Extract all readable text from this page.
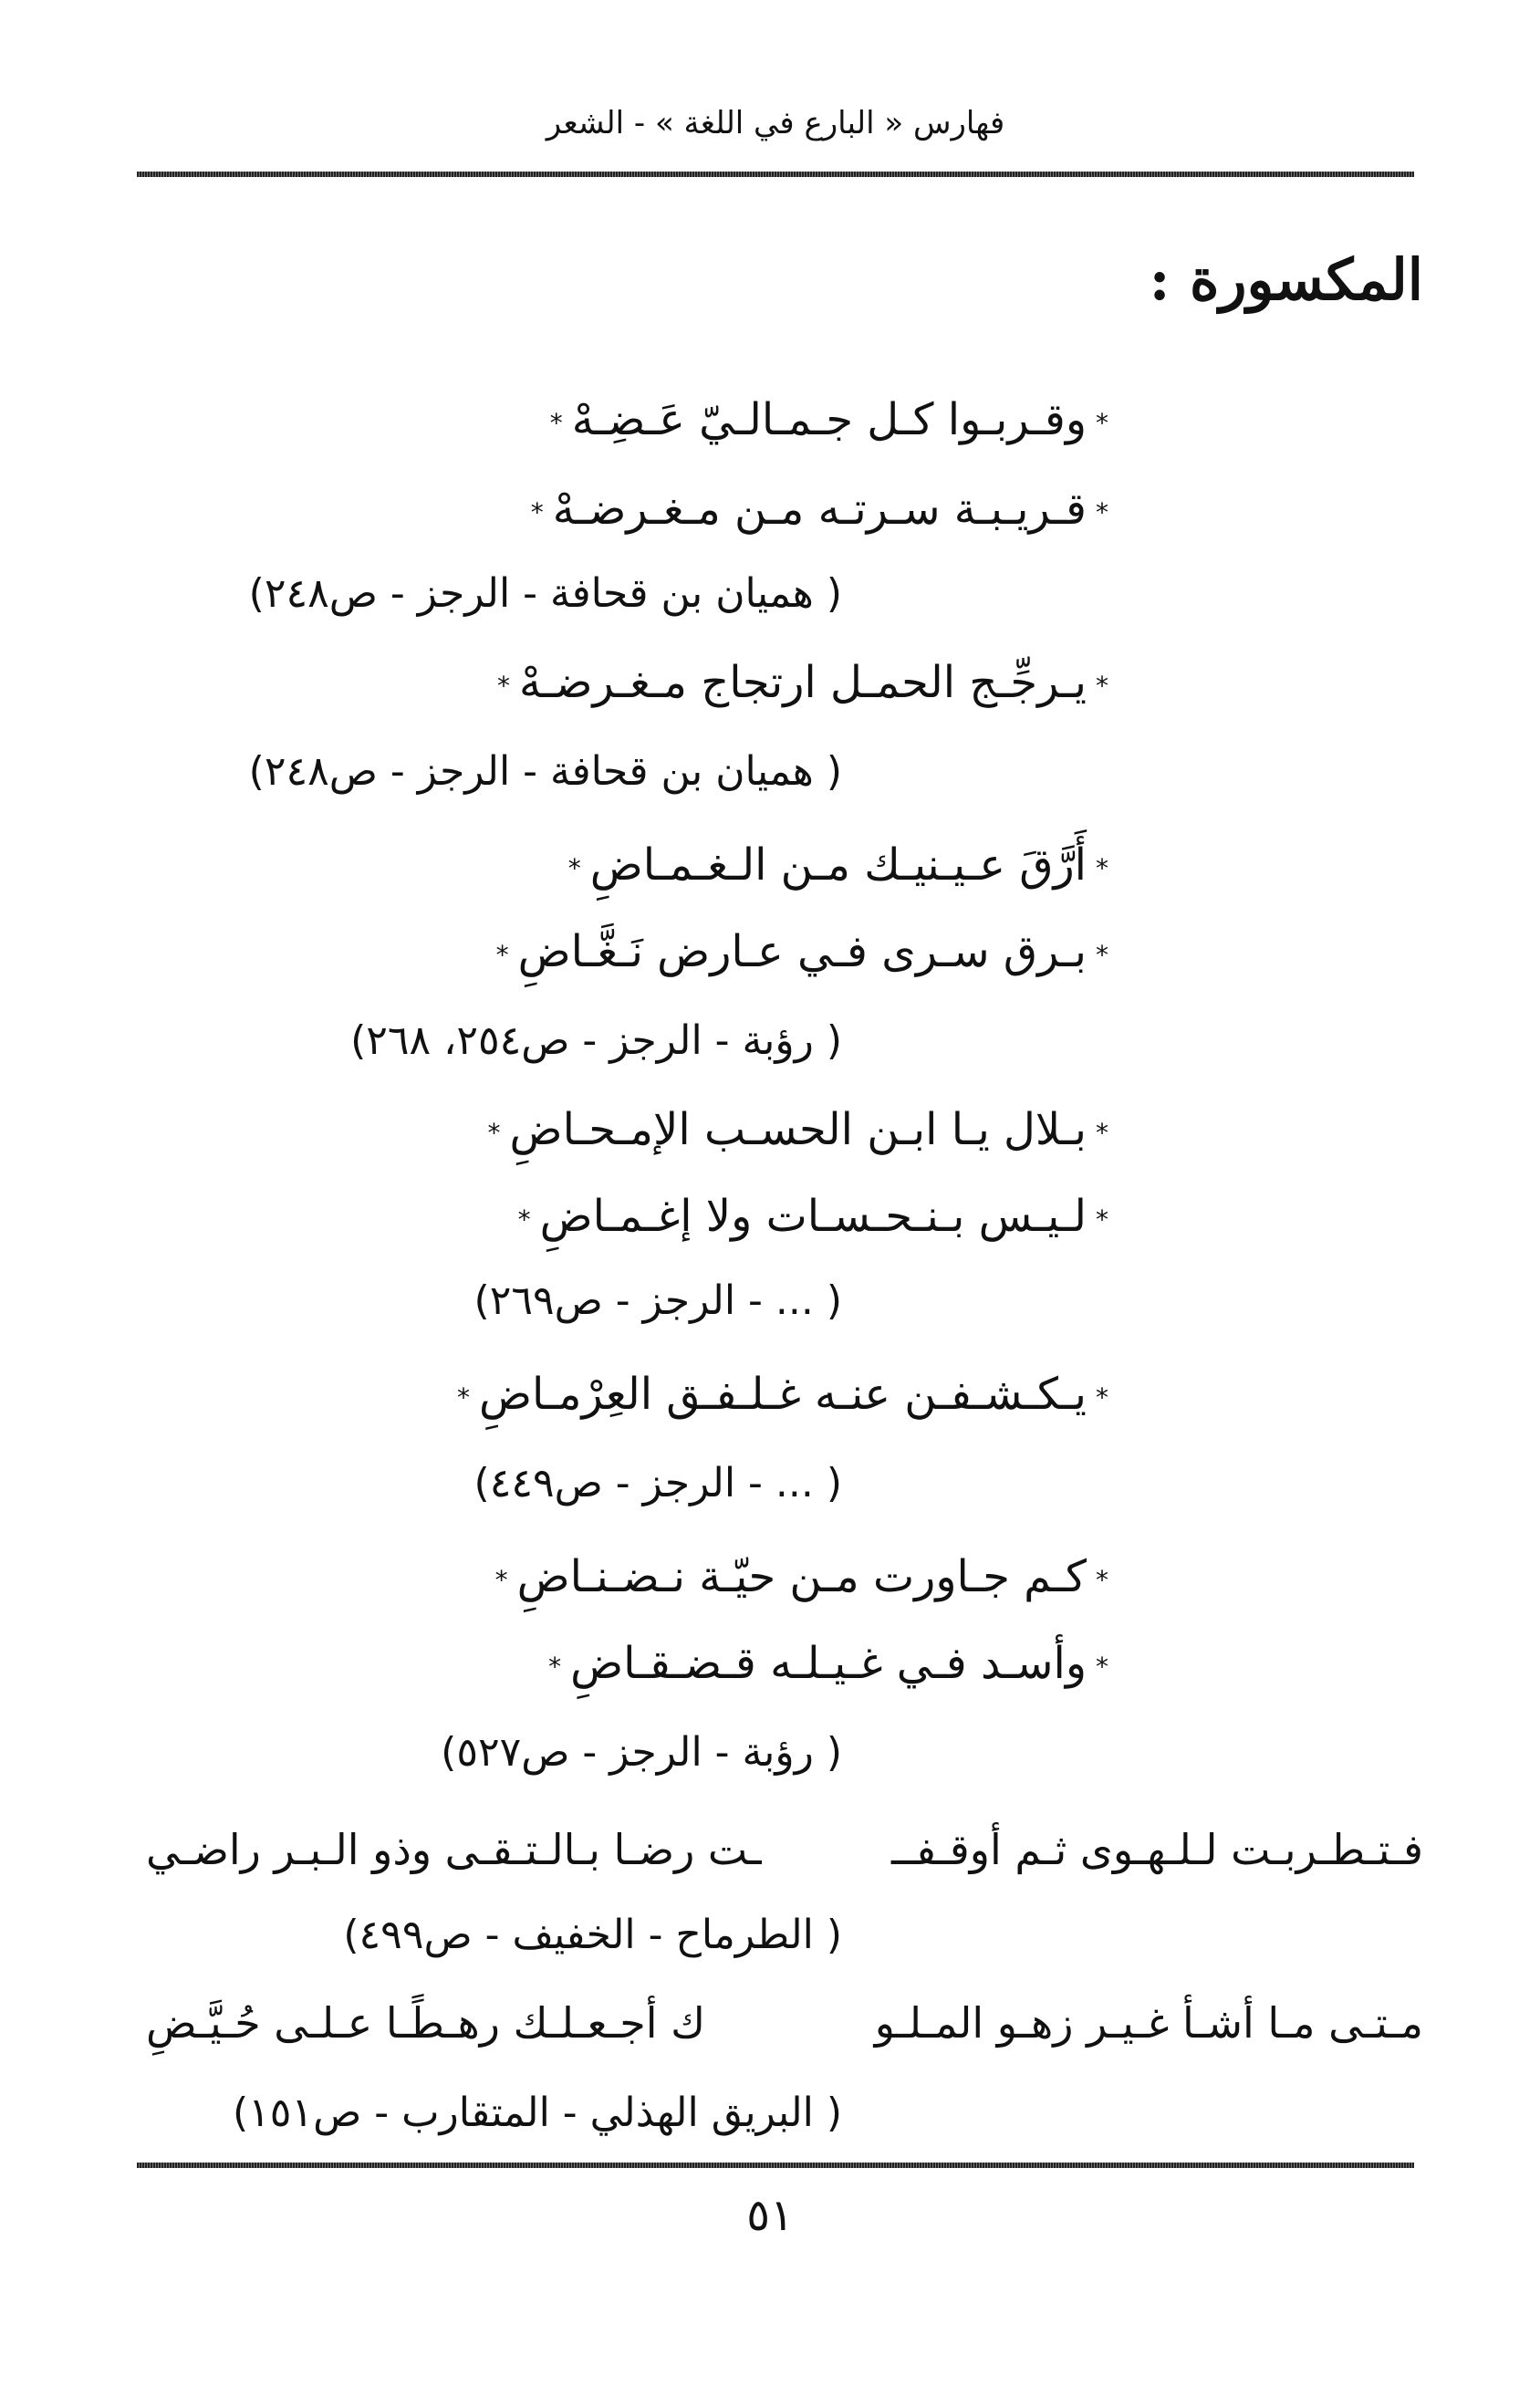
فهارس « البارع في اللغة » - الشعر
المكسورة :
*وقـربـوا كـل جـمـالـيّ عَـضِـهْ*
*قـريـبـة سـرتـه مـن مـغـرضـهْ*
( هميان بن قحافة - الرجز - ص٢٤٨)
*يـرجِّـج الحمـل ارتجاج مـغـرضـهْ*
( هميان بن قحافة - الرجز - ص٢٤٨)
*أَرَّقَ عـيـنيـك مـن الـغـمـاضِ*
*بـرق سـرى فـي عـارض نَـغَّـاضِ*
( رؤبة - الرجز - ص٢٥٤، ٢٦٨)
*بـلال يـا ابـن الحسـب الإمـحـاضِ*
*لـيـس بـنـحـسـات ولا إغـمـاضِ*
( ... - الرجز - ص٢٦٩)
*يـكـشـفـن عنـه غـلـفـق العِرْمـاضِ*
( ... - الرجز - ص٤٤٩)
*كـم جـاورت مـن حيّـة نـضـنـاضِ*
*وأسـد فـي غـيـلـه قـضـقـاضِ*
( رؤبة - الرجز - ص٥٢٧)
فـتـطـربـت لـلـهـوى ثـم أوقـفــ
ـت رضـا بـالـتـقـى وذو الـبـر راضـي
( الطرماح - الخفيف - ص٤٩٩)
مـتـى مـا أشـأ غـيـر زهـو المـلـو
ك أجـعـلـك رهـطًـا عـلـى حُـيَّـضِ
( البريق الهذلي - المتقارب - ص١٥١)
٥١
